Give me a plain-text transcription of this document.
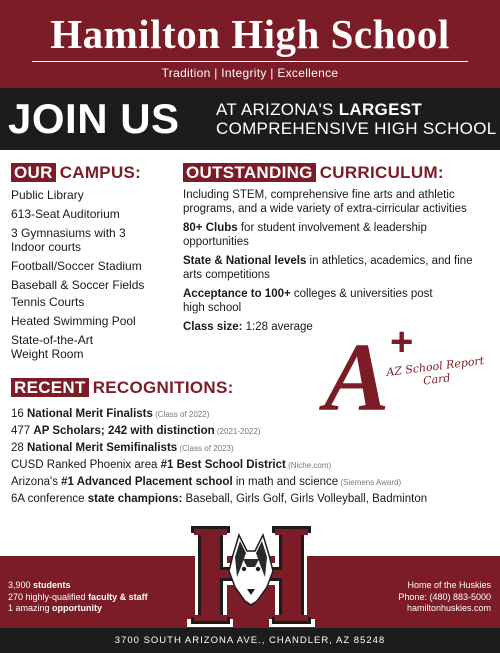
Hamilton High School
Tradition | Integrity | Excellence
JOIN US AT ARIZONA'S LARGEST
COMPREHENSIVE HIGH SCHOOL
OUR CAMPUS:	OUTSTANDING CURRICULUM:
Public Library
613-Seat Auditorium
3 Gymnasiums with 3
Indoor courts
Football/Soccer Stadium
Baseball & Soccer Fields
Tennis Courts
Heated Swimming Pool
State-of-the-Art
Weight Room
Including STEM, comprehensive fine arts and athletic programs, and a wide variety of extra-cirricular activities
80+ Clubs for student involvement & leadership opportunities
State & National levels in athletics, academics, and fine arts competitions
Acceptance to 100+ colleges & universities post high school
Class size: 1:28 average A +
AZ School Report Card
RECENT RECOGNITIONS:
16 National Merit Finalists (Class of 2022)
477 AP Scholars; 242 with distinction (2021-2022)
28 National Merit Semifinalists (Class of 2023)
CUSD Ranked Phoenix area #1 Best School District (Niche.com)
Arizona's #1 Advanced Placement school in math and science (Siemens Award)
6A conference state champions: Baseball, Girls Golf, Girls Volleyball, Badminton
3,900 students
270 highly-qualified faculty & staff
1 amazing opportunity
Home of the Huskies
Phone: (480) 883-5000
hamiltonhuskies.com
H
3700 SOUTH ARIZONA AVE., CHANDLER, AZ 85248
